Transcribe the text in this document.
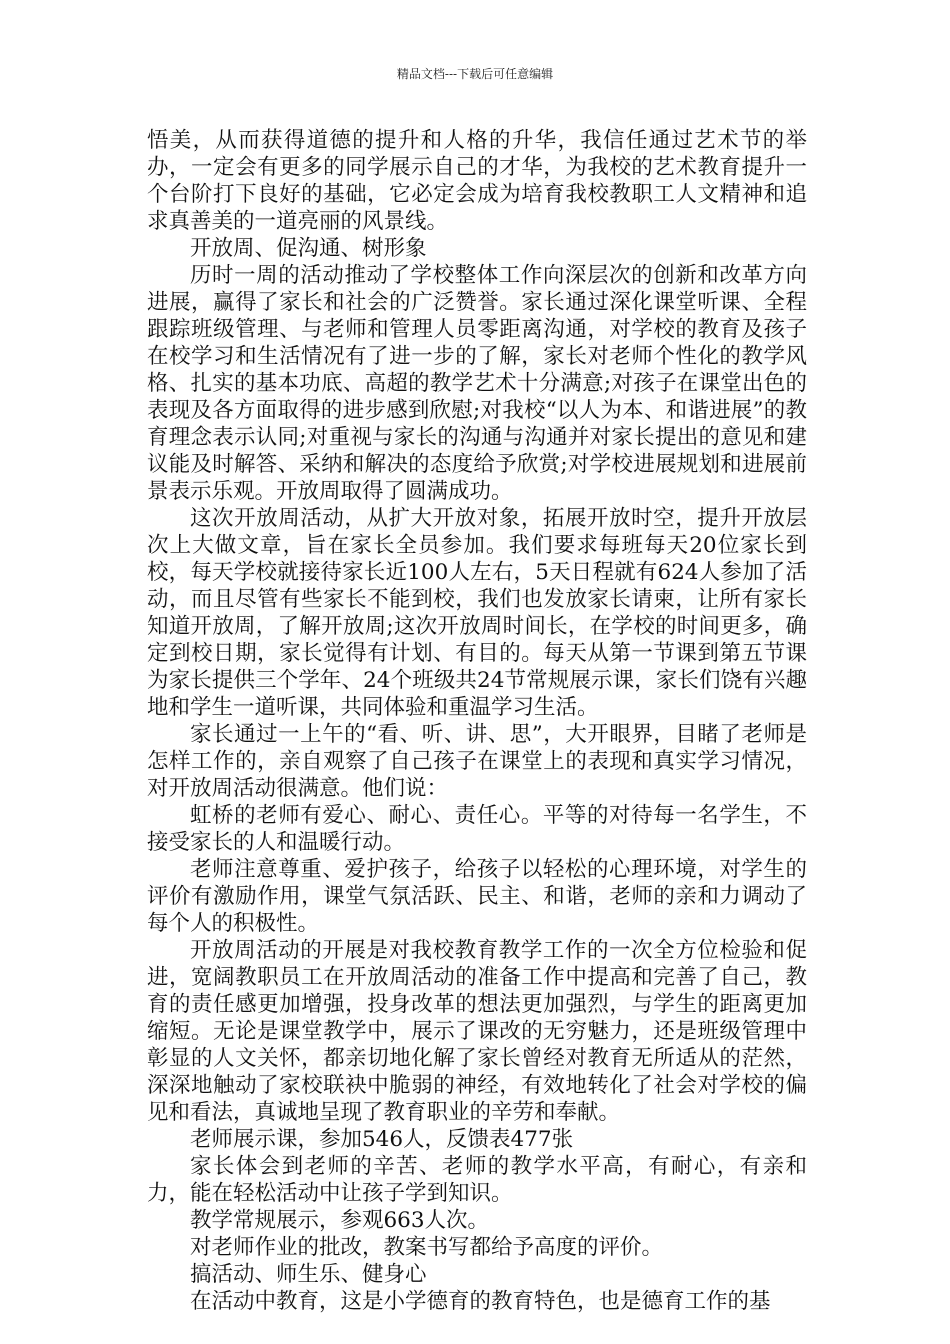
精品文档---下载后可任意编辑

悟美，从而获得道德的提升和人格的升华，我信任通过艺术节的举办，一定会有更多的同学展示自己的才华，为我校的艺术教育提升一个台阶打下良好的基础，它必定会成为培育我校教职工人文精神和追求真善美的一道亮丽的风景线。

开放周、促沟通、树形象

历时一周的活动推动了学校整体工作向深层次的创新和改革方向进展，赢得了家长和社会的广泛赞誉。家长通过深化课堂听课、全程跟踪班级管理、与老师和管理人员零距离沟通，对学校的教育及孩子在校学习和生活情况有了进一步的了解，家长对老师个性化的教学风格、扎实的基本功底、高超的教学艺术十分满意;对孩子在课堂出色的表现及各方面取得的进步感到欣慰;对我校“以人为本、和谐进展”的教育理念表示认同;对重视与家长的沟通与沟通并对家长提出的意见和建议能及时解答、采纳和解决的态度给予欣赏;对学校进展规划和进展前景表示乐观。开放周取得了圆满成功。

这次开放周活动，从扩大开放对象，拓展开放时空，提升开放层次上大做文章，旨在家长全员参加。我们要求每班每天20位家长到校，每天学校就接待家长近100人左右，5天日程就有624人参加了活动，而且尽管有些家长不能到校，我们也发放家长请柬，让所有家长知道开放周，了解开放周;这次开放周时间长，在学校的时间更多，确定到校日期，家长觉得有计划、有目的。每天从第一节课到第五节课为家长提供三个学年、24个班级共24节常规展示课，家长们饶有兴趣地和学生一道听课，共同体验和重温学习生活。

家长通过一上午的“看、听、讲、思”，大开眼界，目睹了老师是怎样工作的，亲自观察了自己孩子在课堂上的表现和真实学习情况，对开放周活动很满意。他们说：

虹桥的老师有爱心、耐心、责任心。平等的对待每一名学生，不接受家长的人和温暖行动。

老师注意尊重、爱护孩子，给孩子以轻松的心理环境，对学生的评价有激励作用，课堂气氛活跃、民主、和谐，老师的亲和力调动了每个人的积极性。

开放周活动的开展是对我校教育教学工作的一次全方位检验和促进，宽阔教职员工在开放周活动的准备工作中提高和完善了自己，教育的责任感更加增强，投身改革的想法更加强烈，与学生的距离更加缩短。无论是课堂教学中，展示了课改的无穷魅力，还是班级管理中彰显的人文关怀，都亲切地化解了家长曾经对教育无所适从的茫然，深深地触动了家校联袂中脆弱的神经，有效地转化了社会对学校的偏见和看法，真诚地呈现了教育职业的辛劳和奉献。

老师展示课，参加546人，反馈表477张

家长体会到老师的辛苦、老师的教学水平高，有耐心，有亲和力，能在轻松活动中让孩子学到知识。

教学常规展示，参观663人次。

对老师作业的批改，教案书写都给予高度的评价。

搞活动、师生乐、健身心

在活动中教育，这是小学德育的教育特色，也是德育工作的基
